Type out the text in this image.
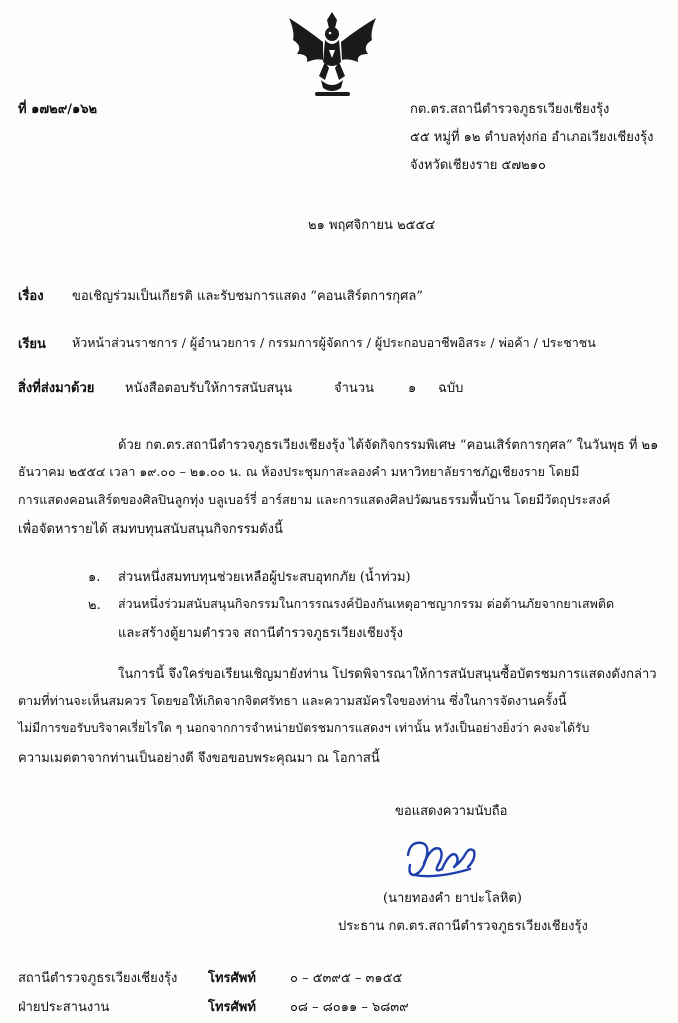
ที่ ๑๗๒๙/๑๖๒	กต.ตร.สถานีตำรวจภูธรเวียงเชียงรุ้ง
๕๕ หมู่ที่ ๑๒ ตำบลทุ่งก่อ อำเภอเวียงเชียงรุ้ง
จังหวัดเชียงราย ๕๗๒๑๐
๒๑ พฤศจิกายน ๒๕๕๔
เรื่อง ขอเชิญร่วมเป็นเกียรติ และรับชมการแสดง “คอนเสิร์ตการกุศล”
เรียน หัวหน้าส่วนราชการ / ผู้อำนวยการ / กรรมการผู้จัดการ / ผู้ประกอบอาชีพอิสระ / พ่อค้า / ประชาชน
สิ่งที่ส่งมาด้วย หนังสือตอบรับให้การสนับสนุน	จำนวน	๑ ฉบับ
ด้วย กต.ตร.สถานีตำรวจภูธรเวียงเชียงรุ้ง ได้จัดกิจกรรมพิเศษ “คอนเสิร์ตการกุศล” ในวันพุธ ที่ ๒๑
ธันวาคม ๒๕๕๔ เวลา ๑๙.๐๐ – ๒๑.๐๐ น. ณ ห้องประชุมกาสะลองคำ มหาวิทยาลัยราชภัฏเชียงราย โดยมี
การแสดงคอนเสิร์ตของศิลปินลูกทุ่ง บลูเบอร์รี่ อาร์สยาม และการแสดงศิลปวัฒนธรรมพื้นบ้าน โดยมีวัตถุประสงค์
เพื่อจัดหารายได้ สมทบทุนสนับสนุนกิจกรรมดังนี้
๑. ส่วนหนึ่งสมทบทุนช่วยเหลือผู้ประสบอุทกภัย (น้ำท่วม)
๒. ส่วนหนึ่งร่วมสนับสนุนกิจกรรมในการรณรงค์ป้องกันเหตุอาชญากรรม ต่อต้านภัยจากยาเสพติด
และสร้างตู้ยามตำรวจ สถานีตำรวจภูธรเวียงเชียงรุ้ง
ในการนี้ จึงใคร่ขอเรียนเชิญมายังท่าน โปรดพิจารณาให้การสนับสนุนซื้อบัตรชมการแสดงดังกล่าว
ตามที่ท่านจะเห็นสมควร โดยขอให้เกิดจากจิตศรัทธา และความสมัครใจของท่าน ซึ่งในการจัดงานครั้งนี้
ไม่มีการขอรับบริจาคเรี่ยไรใด ๆ นอกจากการจำหน่ายบัตรชมการแสดงฯ เท่านั้น หวังเป็นอย่างยิ่งว่า คงจะได้รับ
ความเมตตาจากท่านเป็นอย่างดี จึงขอขอบพระคุณมา ณ โอกาสนี้
ขอแสดงความนับถือ
(นายทองคำ ยาปะโลหิต)
ประธาน กต.ตร.สถานีตำรวจภูธรเวียงเชียงรุ้ง
สถานีตำรวจภูธรเวียงเชียงรุ้ง โทรศัพท์	๐ – ๕๓๙๕ – ๓๑๕๕
ฝ่ายประสานงาน	โทรศัพท์	๐๘ – ๘๐๑๑ – ๖๘๓๙
